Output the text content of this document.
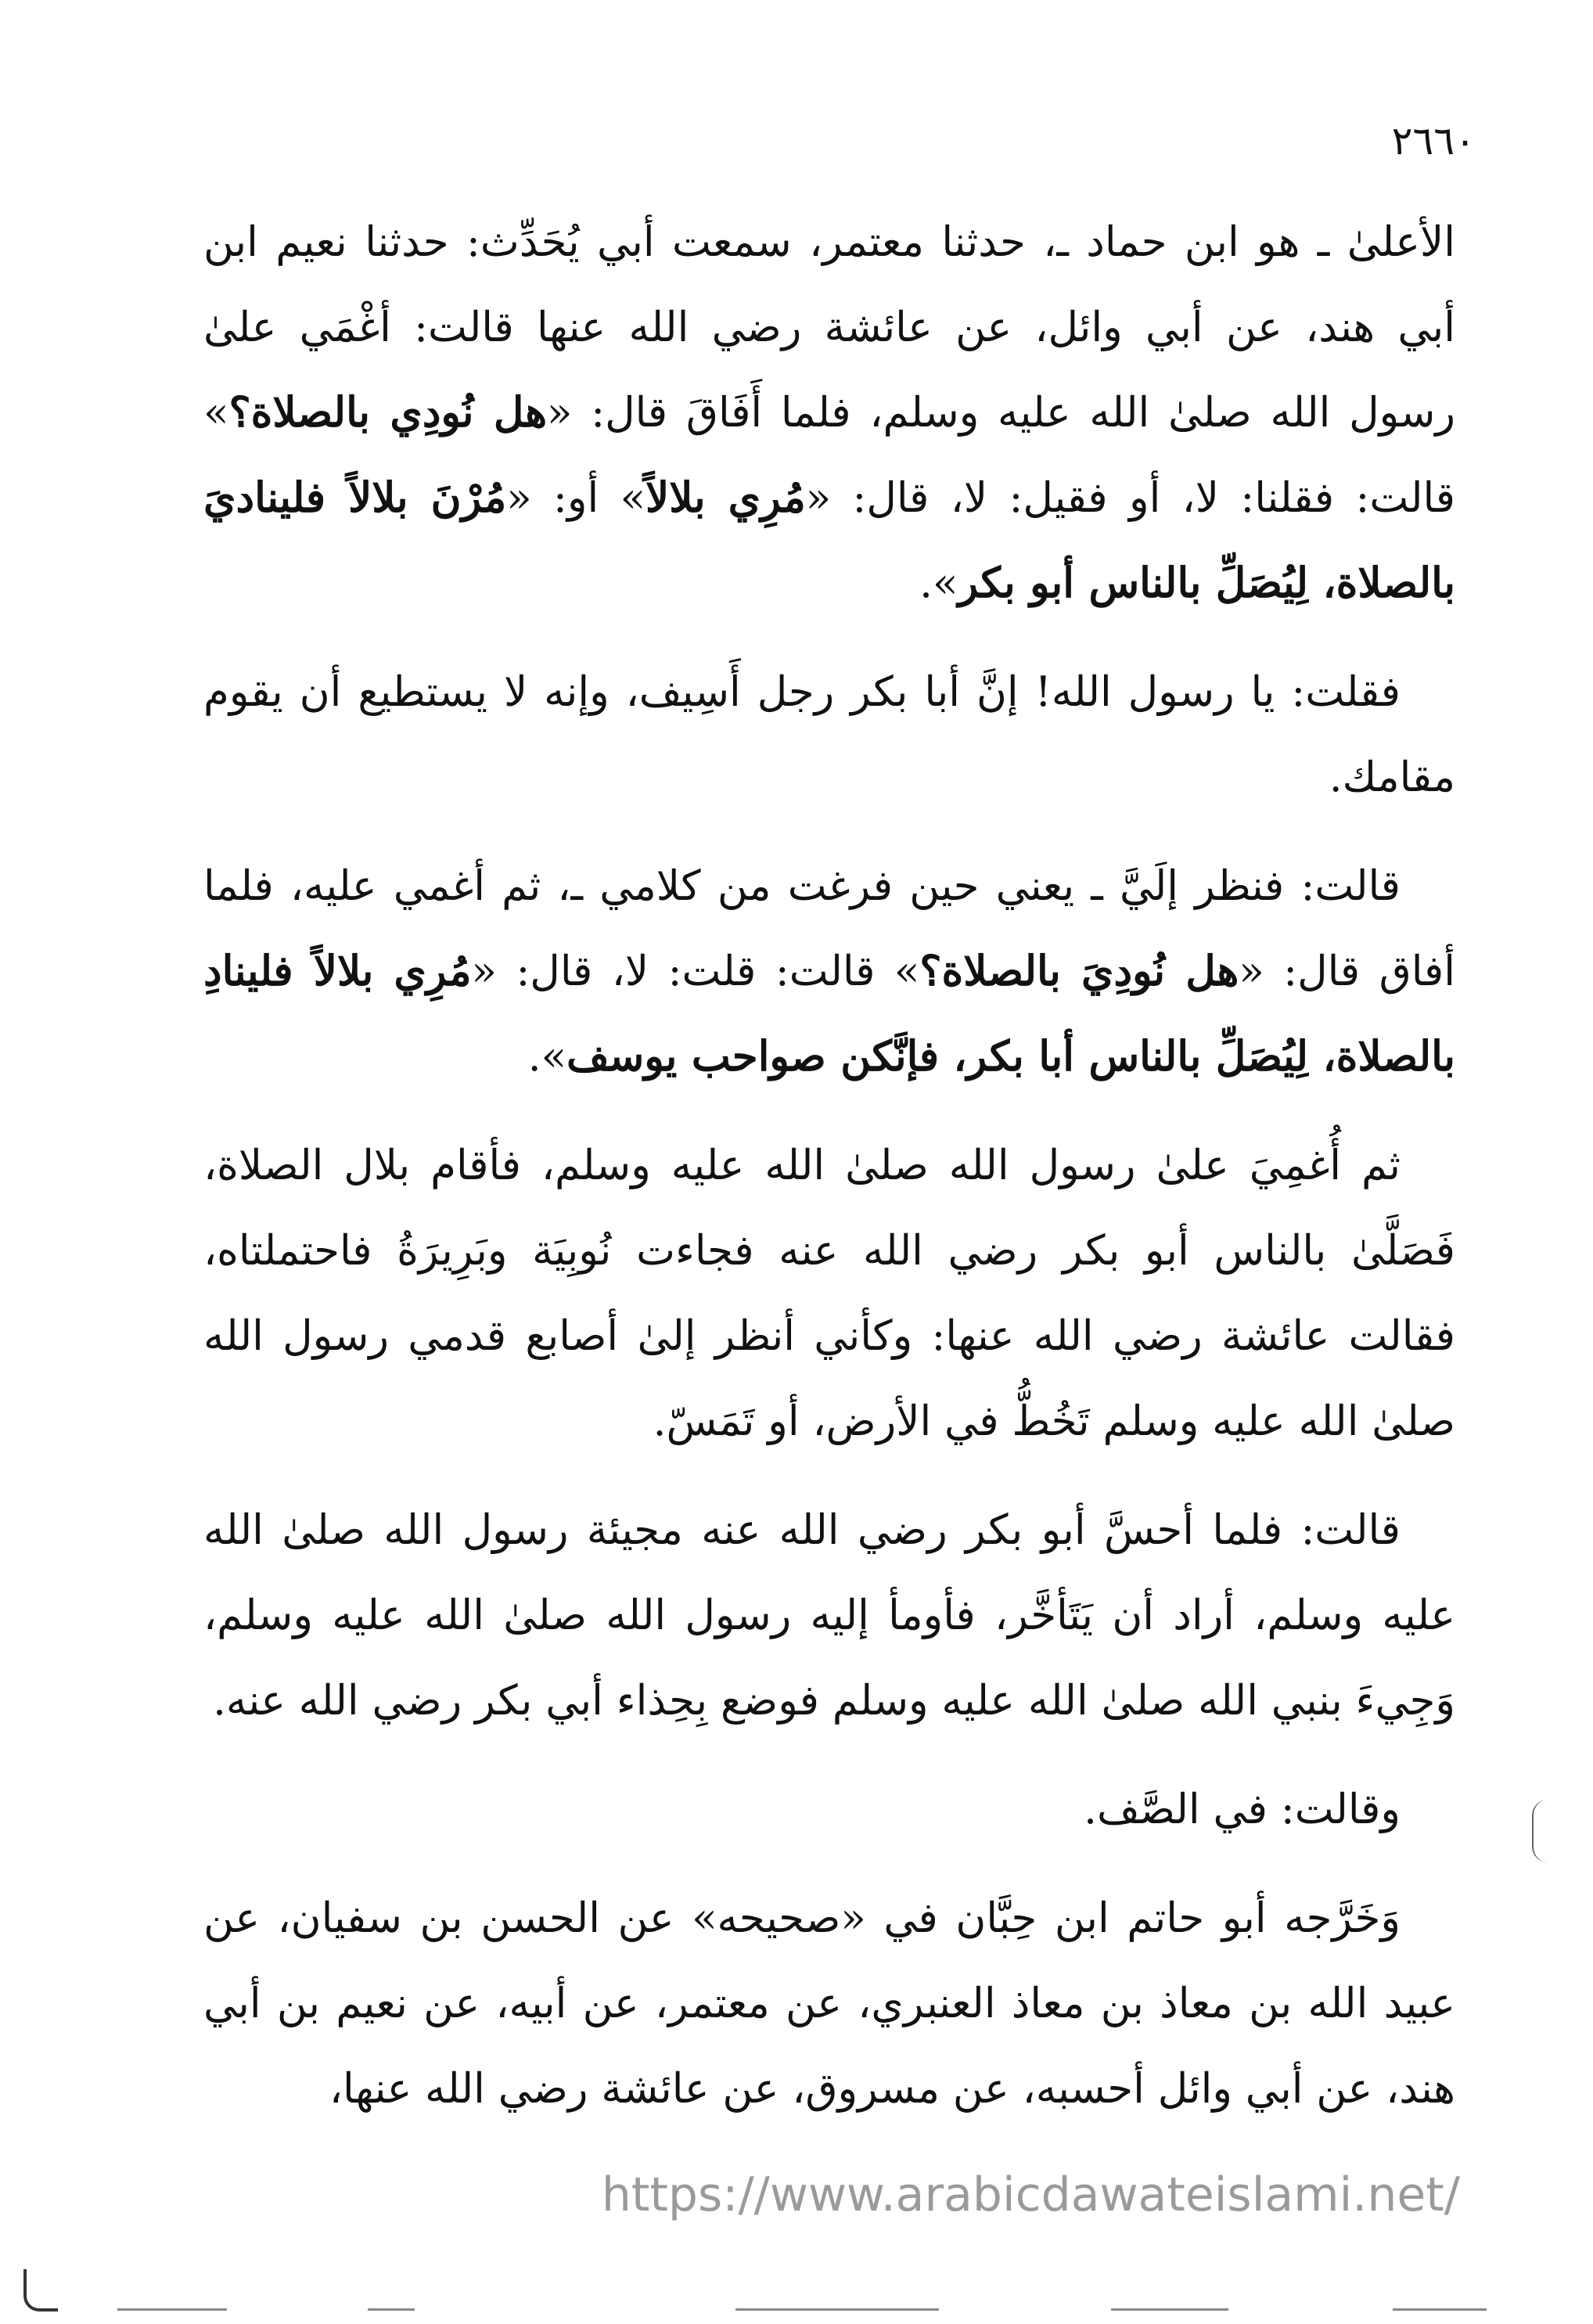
٢٦٦٠

الأعلىٰ ـ هو ابن حماد ـ، حدثنا معتمر، سمعت أبي يُحَدِّث: حدثنا نعيم ابن أبي هند، عن أبي وائل، عن عائشة رضي الله عنها قالت: أغْمَي علىٰ رسول الله صلىٰ الله عليه وسلم، فلما أَفَاقَ قال: «هل نُودِي بالصلاة؟» قالت: فقلنا: لا، أو فقيل: لا، قال: «مُرِي بلالاً» أو: «مُرْنَ بلالاً فليناديَ بالصلاة، لِيُصَلِّ بالناس أبو بكر».

فقلت: يا رسول الله! إنَّ أبا بكر رجل أَسِيف، وإنه لا يستطيع أن يقوم مقامك.

قالت: فنظر إلَيَّ ـ يعني حين فرغت من كلامي ـ، ثم أغمي عليه، فلما أفاق قال: «هل نُودِيَ بالصلاة؟» قالت: قلت: لا، قال: «مُرِي بلالاً فلينادِ بالصلاة، لِيُصَلِّ بالناس أبا بكر، فإنَّكن صواحب يوسف».

ثم أُغمِيَ علىٰ رسول الله صلىٰ الله عليه وسلم، فأقام بلال الصلاة، فَصَلَّىٰ بالناس أبو بكر رضي الله عنه فجاءت نُوبِيَة وبَرِيرَةُ فاحتملتاه، فقالت عائشة رضي الله عنها: وكأني أنظر إلىٰ أصابع قدمي رسول الله صلىٰ الله عليه وسلم تَخُطُّ في الأرض، أو تَمَسّ.

قالت: فلما أحسَّ أبو بكر رضي الله عنه مجيئة رسول الله صلىٰ الله عليه وسلم، أراد أن يَتَأخَّر، فأومأ إليه رسول الله صلىٰ الله عليه وسلم، وَجِيءَ بنبي الله صلىٰ الله عليه وسلم فوضع بِحِذاء أبي بكر رضي الله عنه.

وقالت: في الصَّف.

وَخَرَّجه أبو حاتم ابن حِبَّان في «صحيحه» عن الحسن بن سفيان، عن عبيد الله بن معاذ بن معاذ العنبري، عن معتمر، عن أبيه، عن نعيم بن أبي هند، عن أبي وائل أحسبه، عن مسروق، عن عائشة رضي الله عنها،

https://www.arabicdawateislami.net/
